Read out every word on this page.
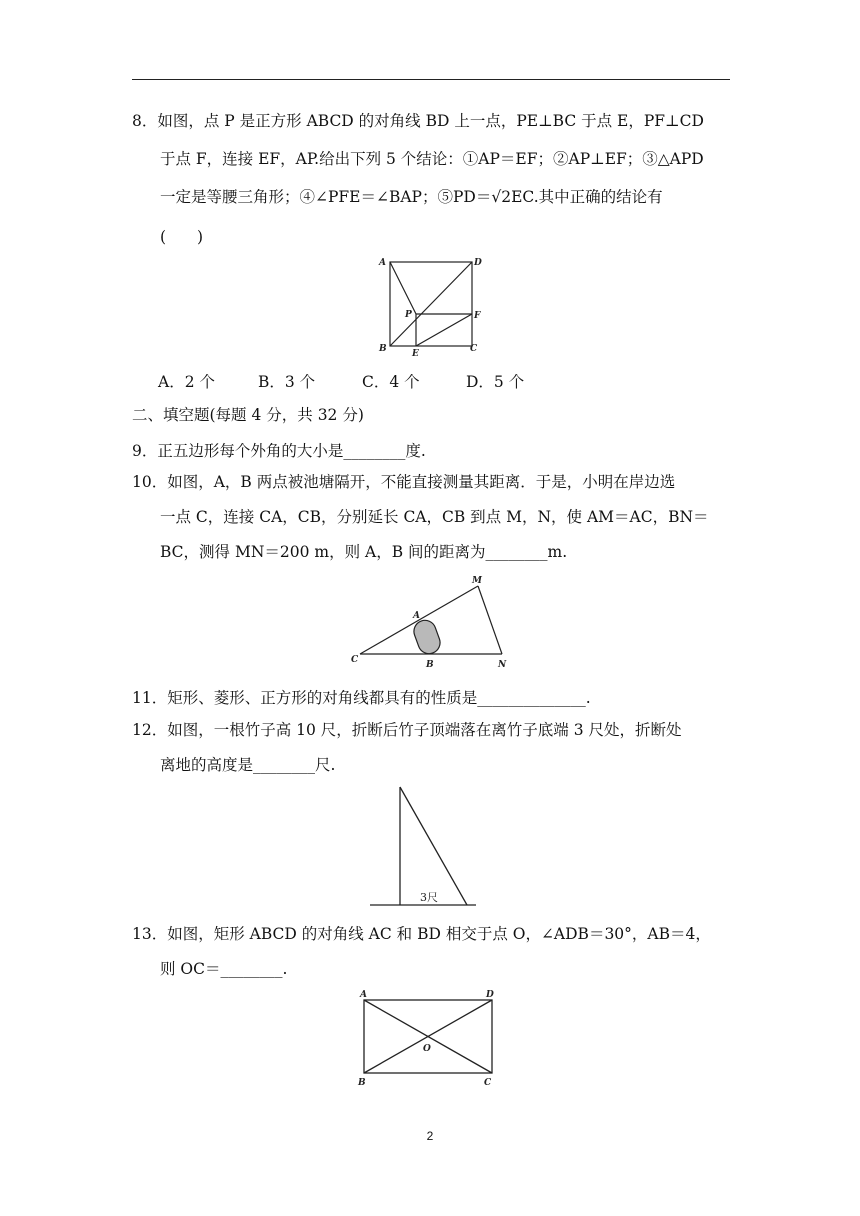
8．如图，点 P 是正方形 ABCD 的对角线 BD 上一点，PE⊥BC 于点 E，PF⊥CD
于点 F，连接 EF，AP.给出下列 5 个结论：①AP＝EF；②AP⊥EF；③△APD
一定是等腰三角形；④∠PFE＝∠BAP；⑤PD＝√2EC.其中正确的结论有
(　　)
A	D
P	F
B	E	C
A．2 个	B．3 个	C．4 个	D．5 个
二、填空题(每题 4 分，共 32 分)
9．正五边形每个外角的大小是________度.
10．如图，A，B 两点被池塘隔开，不能直接测量其距离．于是，小明在岸边选
一点 C，连接 CA，CB，分别延长 CA，CB 到点 M，N，使 AM＝AC，BN＝
BC，测得 MN＝200 m，则 A，B 间的距离为________m.
M
A
C	B	N
11．矩形、菱形、正方形的对角线都具有的性质是______________.
12．如图，一根竹子高 10 尺，折断后竹子顶端落在离竹子底端 3 尺处，折断处
离地的高度是________尺.
3尺
13．如图，矩形 ABCD 的对角线 AC 和 BD 相交于点 O，∠ADB＝30°，AB＝4，
则 OC＝________.
A	D
O
B	C
2
